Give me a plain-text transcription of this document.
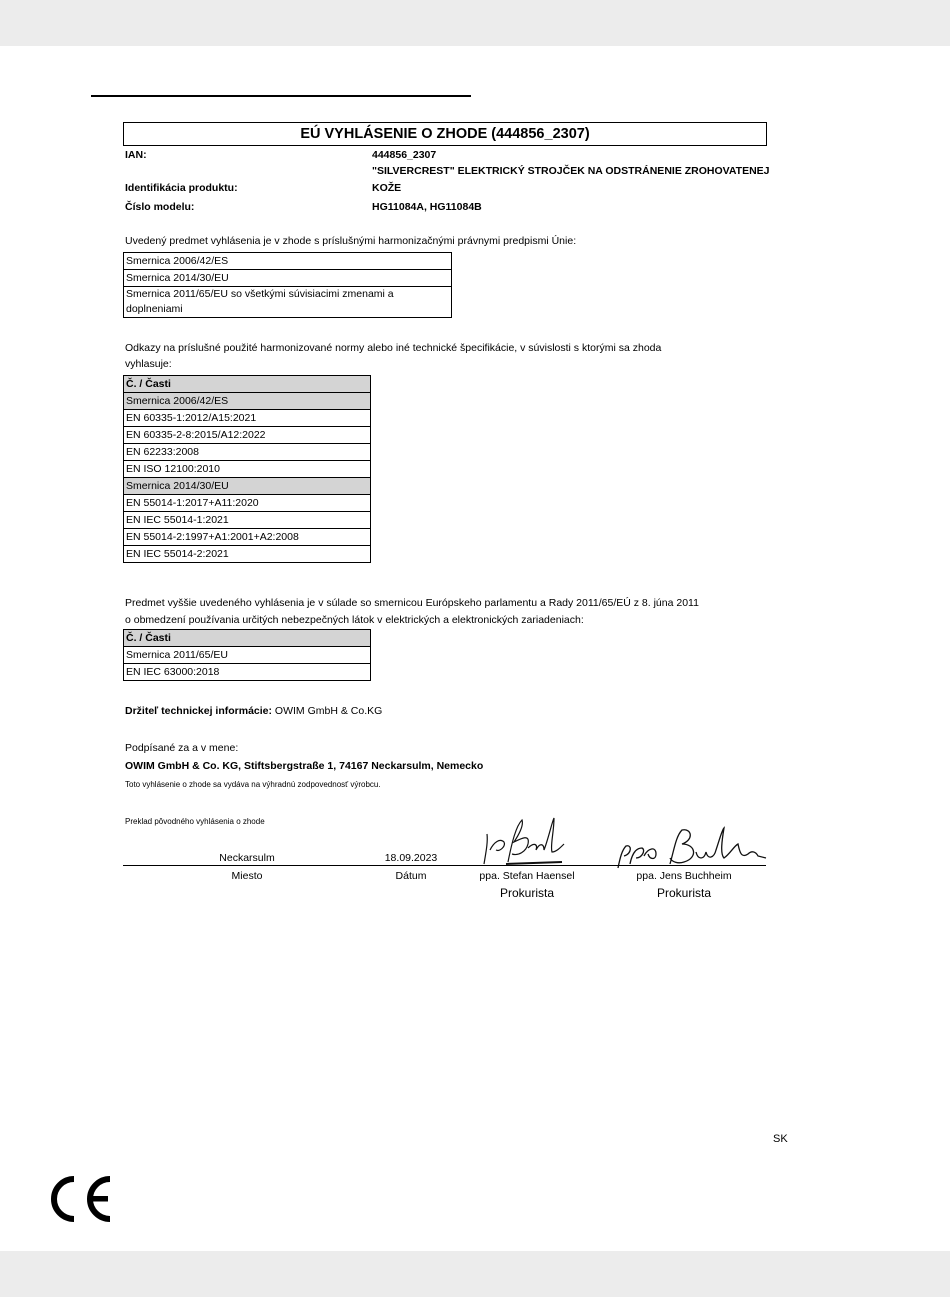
EÚ VYHLÁSENIE O ZHODE (444856_2307)
IAN:	444856_2307
"SILVERCREST" ELEKTRICKÝ STROJČEK NA ODSTRÁNENIE ZROHOVATENEJ
Identifikácia produktu:	KOŽE
Číslo modelu:	HG11084A, HG11084B
Uvedený predmet vyhlásenia je v zhode s príslušnými harmonizačnými právnymi predpismi Únie:
Smernica 2006/42/ES
Smernica 2014/30/EU
Smernica 2011/65/EU so všetkými súvisiacimi zmenami a
doplneniami
Odkazy na príslušné použité harmonizované normy alebo iné technické špecifikácie, v súvislosti s ktorými sa zhoda
vyhlasuje:
Č. / Časti
Smernica 2006/42/ES
EN 60335-1:2012/A15:2021
EN 60335-2-8:2015/A12:2022
EN 62233:2008
EN ISO 12100:2010
Smernica 2014/30/EU
EN 55014-1:2017+A11:2020
EN IEC 55014-1:2021
EN 55014-2:1997+A1:2001+A2:2008
EN IEC 55014-2:2021
Predmet vyššie uvedeného vyhlásenia je v súlade so smernicou Európskeho parlamentu a Rady 2011/65/EÚ z 8. júna 2011
o obmedzení používania určitých nebezpečných látok v elektrických a elektronických zariadeniach:
Č. / Časti
Smernica 2011/65/EU
EN IEC 63000:2018
Držiteľ technickej informácie: OWIM GmbH & Co.KG
Podpísané za a v mene:
OWIM GmbH & Co. KG, Stiftsbergstraße 1, 74167 Neckarsulm, Nemecko
Toto vyhlásenie o zhode sa vydáva na výhradnú zodpovednosť výrobcu.
Preklad pôvodného vyhlásenia o zhode
Neckarsulm	18.09.2023
Miesto	Dátum	ppa. Stefan Haensel	ppa. Jens Buchheim
Prokurista	Prokurista
SK
